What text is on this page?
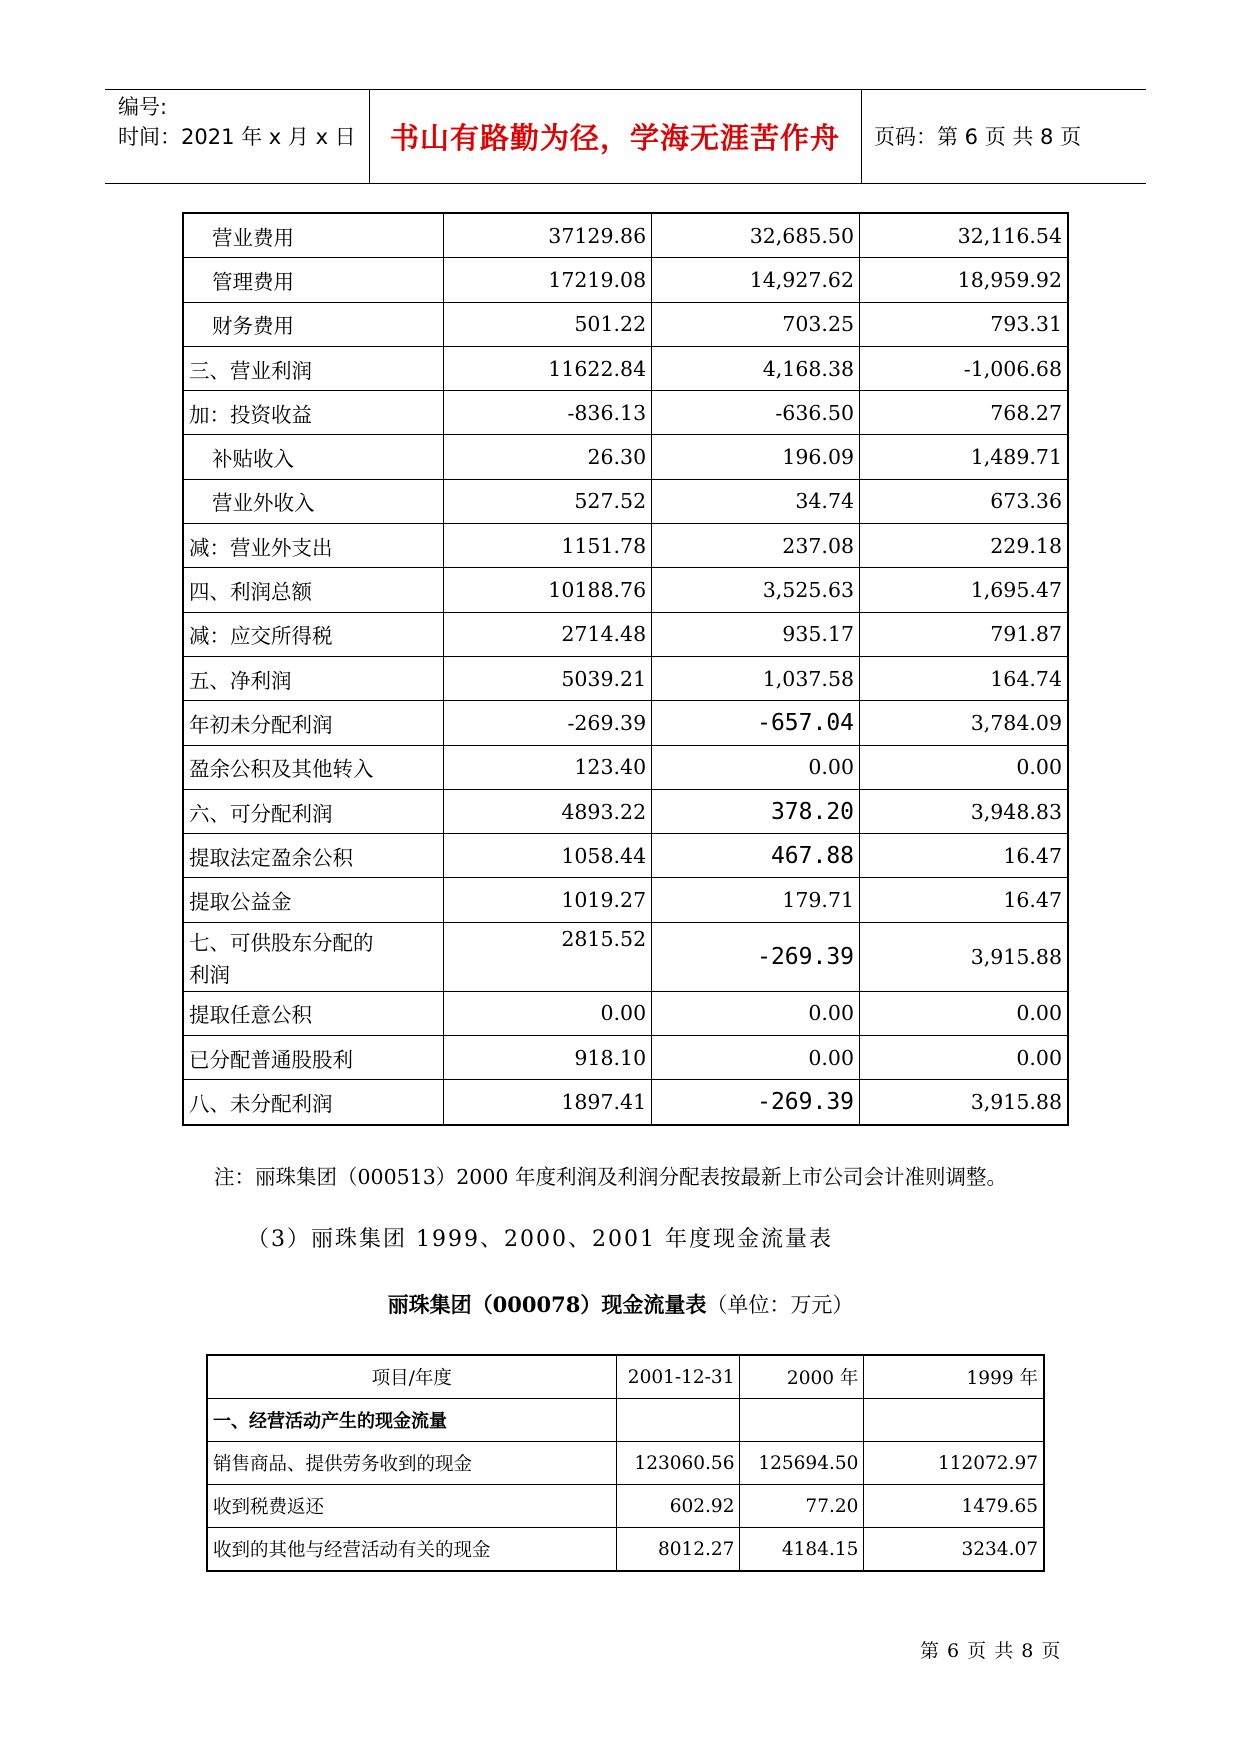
编号:
时间：2021 年 x 月 x 日	书山有路勤为径，学海无涯苦作舟	页码：第 6 页 共 8 页
营业费用	37129.86	32,685.50	32,116.54
管理费用	17219.08	14,927.62	18,959.92
财务费用	501.22	703.25	793.31
三、营业利润	11622.84	4,168.38	-1,006.68
加：投资收益	-836.13	-636.50	768.27
补贴收入	26.30	196.09	1,489.71
营业外收入	527.52	34.74	673.36
减：营业外支出	1151.78	237.08	229.18
四、利润总额	10188.76	3,525.63	1,695.47
减：应交所得税	2714.48	935.17	791.87
五、净利润	5039.21	1,037.58	164.74
年初未分配利润	-269.39	-657.04	3,784.09
盈余公积及其他转入	123.40	0.00	0.00
六、可分配利润	4893.22	378.20	3,948.83
提取法定盈余公积	1058.44	467.88	16.47
提取公益金	1019.27	179.71	16.47

七、可供股东分配的利润	2815.52	-269.39	3,915.88
提取任意公积	0.00	0.00	0.00
已分配普通股股利	918.10	0.00	0.00
八、未分配利润	1897.41	-269.39	3,915.88
注：丽珠集团（000513）2000 年度利润及利润分配表按最新上市公司会计准则调整。
（3）丽珠集团 1999、2000、2001 年度现金流量表
丽珠集团（000078）现金流量表（单位：万元）
项目/年度	2001-12-31	2000 年	1999 年
一、经营活动产生的现金流量			
销售商品、提供劳务收到的现金	123060.56	125694.50	112072.97
收到税费返还	602.92	77.20	1479.65
收到的其他与经营活动有关的现金	8012.27	4184.15	3234.07
第 6 页 共 8 页
